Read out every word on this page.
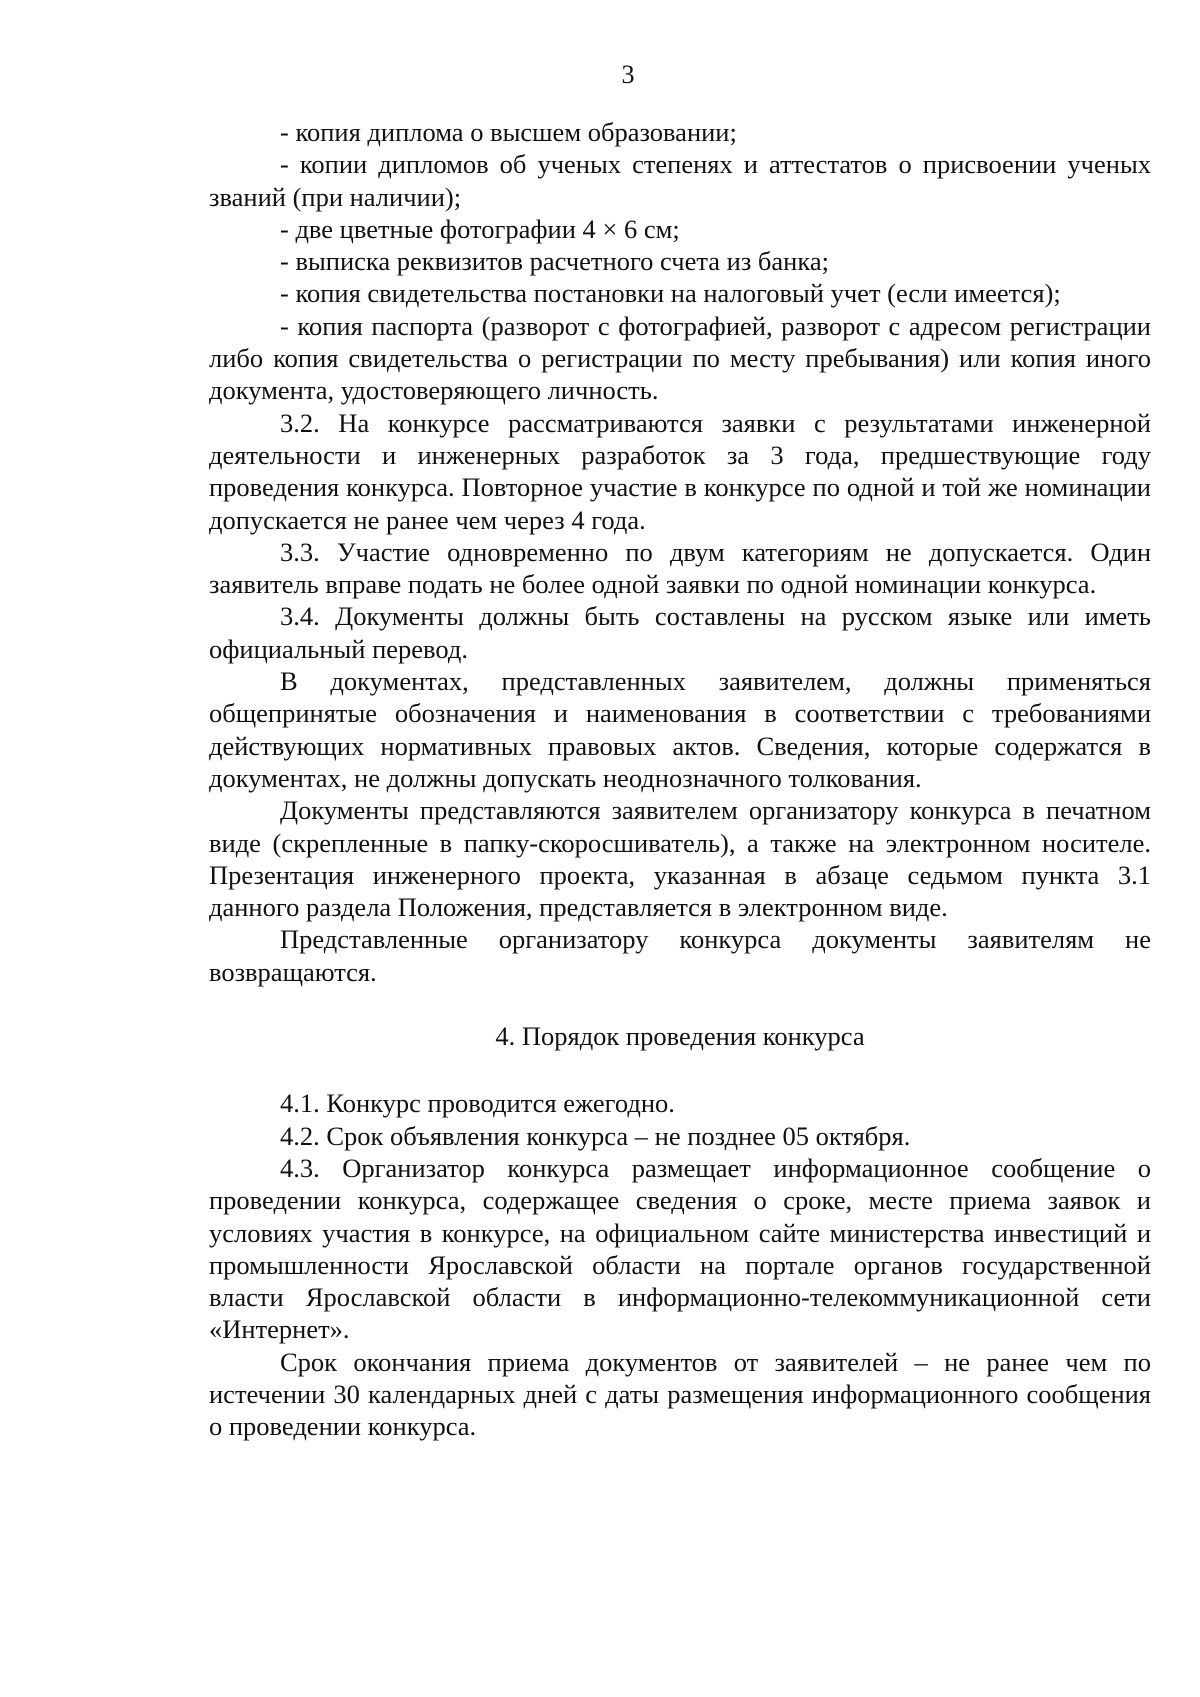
3

- копия диплома о высшем образовании;

- копии дипломов об ученых степенях и аттестатов о присвоении ученых званий (при наличии);

- две цветные фотографии 4 × 6 см;

- выписка реквизитов расчетного счета из банка;

- копия свидетельства постановки на налоговый учет (если имеется);

- копия паспорта (разворот с фотографией, разворот с адресом регистрации либо копия свидетельства о регистрации по месту пребывания) или копия иного документа, удостоверяющего личность.

3.2. На конкурсе рассматриваются заявки с результатами инженерной деятельности и инженерных разработок за 3 года, предшествующие году проведения конкурса. Повторное участие в конкурсе по одной и той же номинации допускается не ранее чем через 4 года.

3.3. Участие одновременно по двум категориям не допускается. Один заявитель вправе подать не более одной заявки по одной номинации конкурса.

3.4. Документы должны быть составлены на русском языке или иметь официальный перевод.

В документах, представленных заявителем, должны применяться общепринятые обозначения и наименования в соответствии с требованиями действующих нормативных правовых актов. Сведения, которые содержатся в документах, не должны допускать неоднозначного толкования.

Документы представляются заявителем организатору конкурса в печатном виде (скрепленные в папку-скоросшиватель), а также на электронном носителе. Презентация инженерного проекта, указанная в абзаце седьмом пункта 3.1 данного раздела Положения, представляется в электронном виде.

Представленные организатору конкурса документы заявителям не возвращаются.

4. Порядок проведения конкурса

4.1. Конкурс проводится ежегодно.

4.2. Срок объявления конкурса – не позднее 05 октября.

4.3. Организатор конкурса размещает информационное сообщение о проведении конкурса, содержащее сведения о сроке, месте приема заявок и условиях участия в конкурсе, на официальном сайте министерства инвестиций и промышленности Ярославской области на портале органов государственной власти Ярославской области в информационно-телекоммуникационной сети «Интернет».

Срок окончания приема документов от заявителей – не ранее чем по истечении 30 календарных дней с даты размещения информационного сообщения о проведении конкурса.
